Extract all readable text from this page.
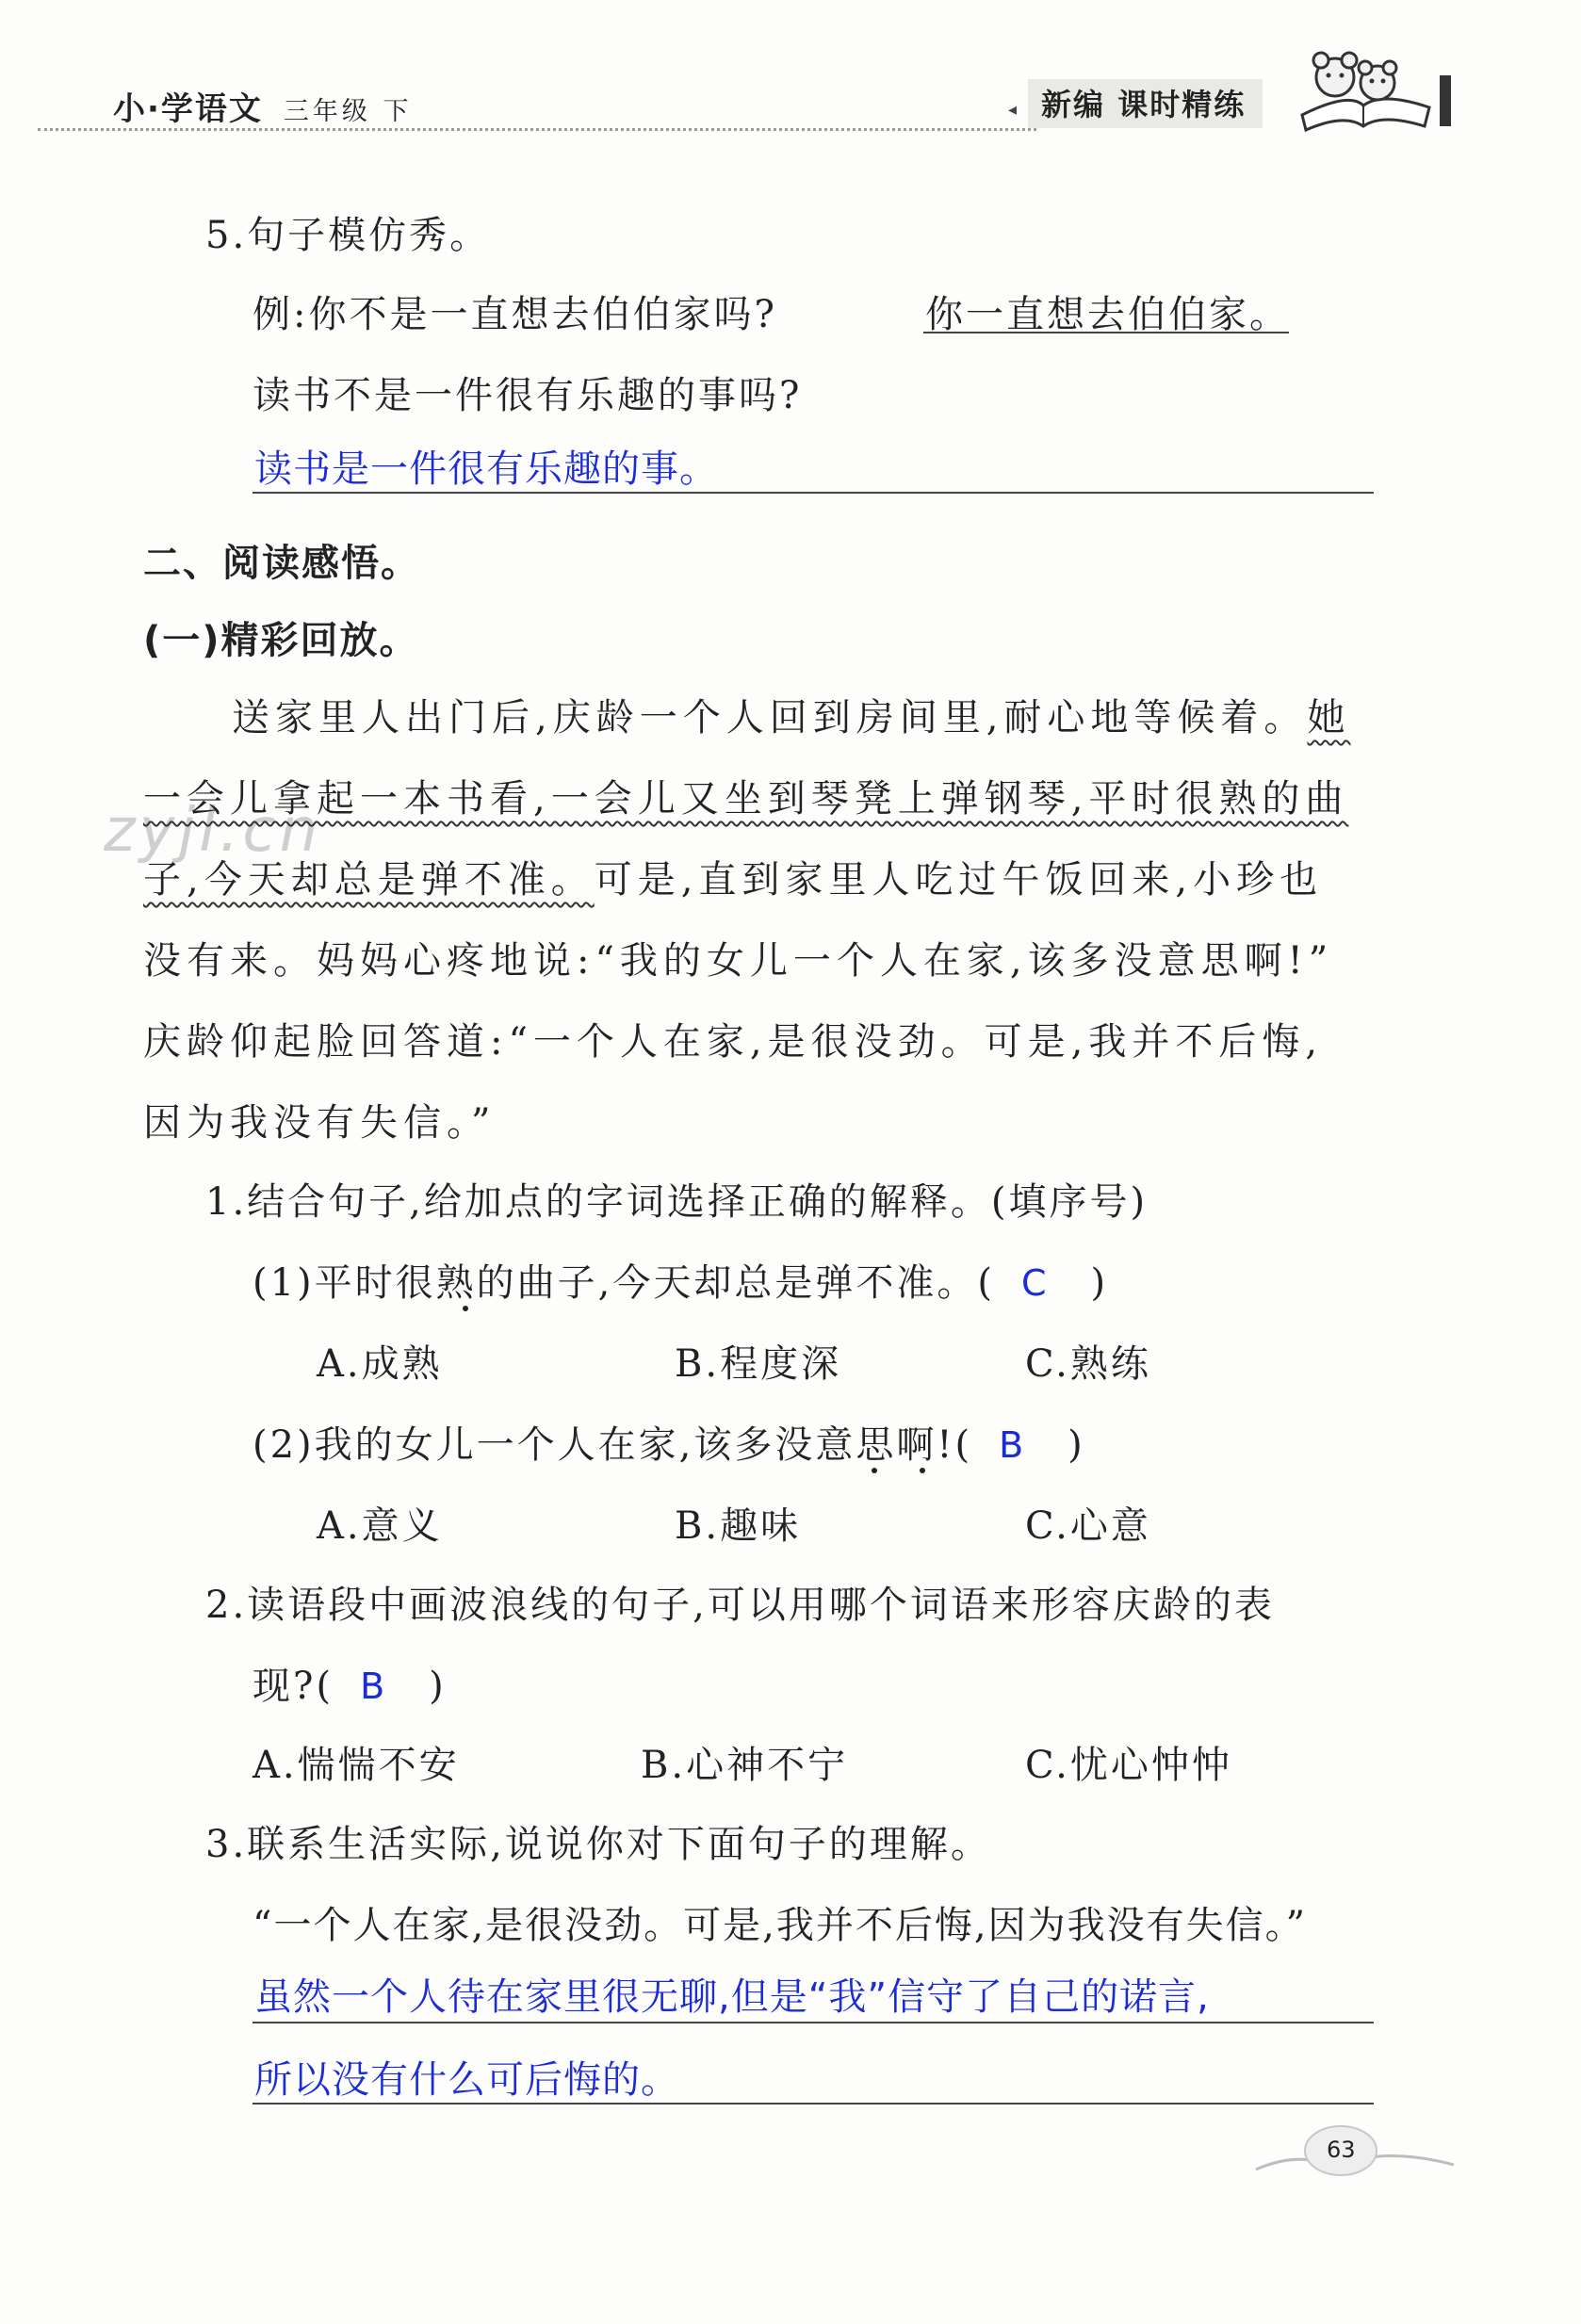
小·学语文 三年级 下	◂ 新编 课时精练
zyjl.cn
5.句子模仿秀。
例:你不是一直想去伯伯家吗?	你一直想去伯伯家。
读书不是一件很有乐趣的事吗?
读书是一件很有乐趣的事。
二、阅读感悟。
(一)精彩回放。
送家里人出门后,庆龄一个人回到房间里,耐心地等候着。她
一会儿拿起一本书看,一会儿又坐到琴凳上弹钢琴,平时很熟的曲
子,今天却总是弹不准。可是,直到家里人吃过午饭回来,小珍也
没有来。妈妈心疼地说:“我的女儿一个人在家,该多没意思啊!”
庆龄仰起脸回答道:“一个人在家,是很没劲。可是,我并不后悔,
因为我没有失信。”
1.结合句子,给加点的字词选择正确的解释。(填序号)
(1)平时很熟的曲子,今天却总是弹不准。( C )
A.成熟	B.程度深	C.熟练
(2)我的女儿一个人在家,该多没意思啊!( B )
A.意义	B.趣味	C.心意
2.读语段中画波浪线的句子,可以用哪个词语来形容庆龄的表
现?( B )
A.惴惴不安	B.心神不宁	C.忧心忡忡
3.联系生活实际,说说你对下面句子的理解。
“一个人在家,是很没劲。可是,我并不后悔,因为我没有失信。”
虽然一个人待在家里很无聊,但是“我”信守了自己的诺言,
所以没有什么可后悔的。
63
